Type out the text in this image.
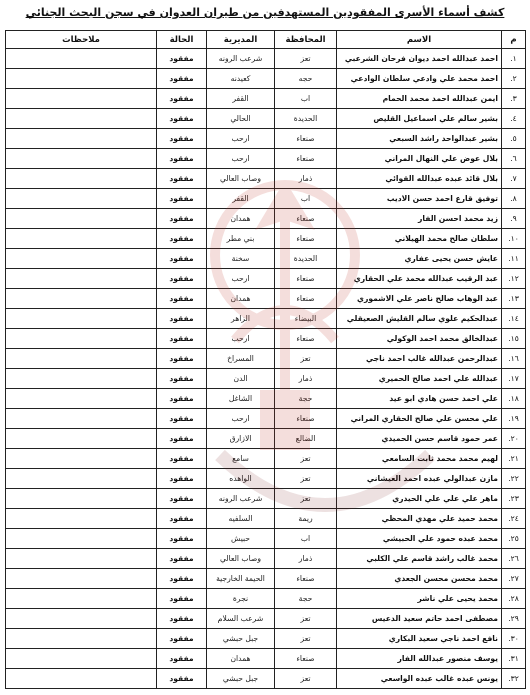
كشف أسماء الأسرى المفقودين المستهدفين من طيران العدوان في سجن البحث الجنائي
م	الاسم	المحافظة	المديرية	الحالة	ملاحظات
١.	احمد عبدالله احمد ديوان فرحان الشرعبي	تعز	شرعب الرونه	مفقود	
٢.	احمد محمد علي وادعي سلطان الوادعي	حجه	كعيدنه	مفقود	
٣.	ايمن عبدالله احمد محمد الحمام	اب	القفر	مفقود	
٤.	بشير سالم علي اسماعيل القليص	الحديدة	الحالي	مفقود	
٥.	بشير عبدالواحد راشد السبعي	صنعاء	ارحب	مفقود	
٦.	بلال عوض علي النهال المراني	صنعاء	ارحب	مفقود	
٧.	بلال قائد عبده عبدالله القوائي	ذمار	وصاب العالي	مفقود	
٨.	توفيق قارع احمد حسن الاديب	اب	القفر	مفقود	
٩.	زيد محمد احسن الفار	صنعاء	همدان	مفقود	
١٠.	سلطان صالح محمد الهيلاني	صنعاء	بني مطر	مفقود	
١١.	عايش حسن يحيى عفاري	الحديدة	سخنة	مفقود	
١٢.	عبد الرقيب عبدالله محمد علي الحقاري	صنعاء	ارحب	مفقود	
١٣.	عبد الوهاب صالح ناصر علي الاشموري	صنعاء	همدان	مفقود	
١٤.	عبدالحكيم علوي سالم القليش الصعيقلي	البيضاء	الزاهر	مفقود	
١٥.	عبدالخالق محمد احمد الوكولي	صنعاء	ارحب	مفقود	
١٦.	عبدالرحمن عبدالله غالب احمد ناجي	تعز	المسراخ	مفقود	
١٧.	عبدالله علي احمد صالح الحميري	ذمار	الدن	مفقود	
١٨.	علي احمد حسن هادي ابو عيد	حجة	الشاغل	مفقود	
١٩.	علي محسن علي صالح الحقاري المراني	صنعاء	ارحب	مفقود	
٢٠.	عمر حمود قاسم حسن الحميدي	الضالع	الازارق	مفقود	
٢١.	لهيم محمد محمد ثابت السامعي	تعز	سامع	مفقود	
٢٢.	مازن عبدالولي عبده احمد العيشاني	تعز	الواهده	مفقود	
٢٣.	ماهر علي علي علي الحيدري	تعز	شرعب الرونه	مفقود	
٢٤.	محمد حميد علي مهدي المحظي	ريمة	السلفيه	مفقود	
٢٥.	محمد عبده حمود علي الحبيشي	اب	حبيش	مفقود	
٢٦.	محمد غالب راشد قاسم علي الكلبي	ذمار	وصاب العالي	مفقود	
٢٧.	محمد محسن محسن الجعدي	صنعاء	الحيمة الخارجية	مفقود	
٢٨.	محمد يحيى علي ناشر	حجة	نجرة	مفقود	
٢٩.	مصطفى احمد حاتم سعيد الدعيس	تعز	شرعب السلام	مفقود	
٣٠.	نافع احمد ناجي سعيد البكاري	تعز	جبل حبشي	مفقود	
٣١.	يوسف منصور عبدالله الفار	صنعاء	همدان	مفقود	
٣٢.	يونس عبده غالب عبده الواسعي	تعز	جبل حبشي	مفقود	
